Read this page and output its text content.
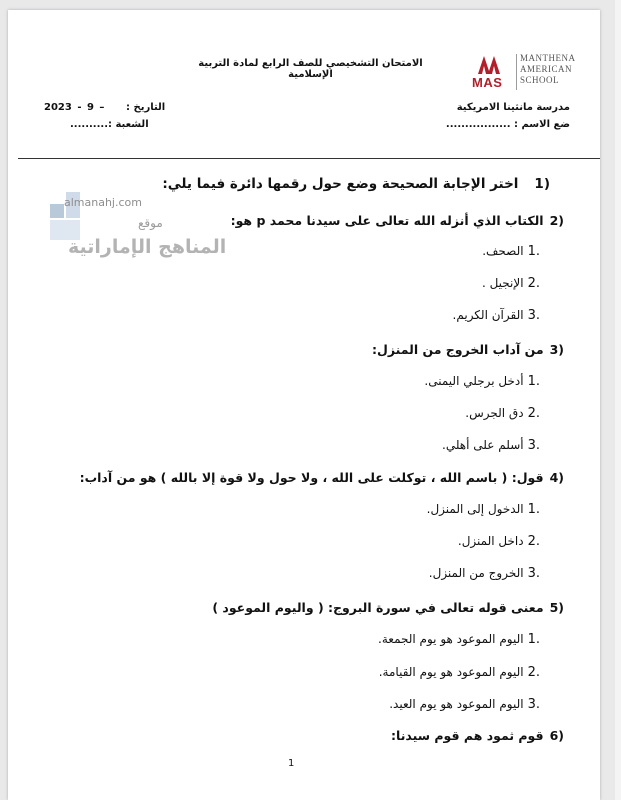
MAS
MANTHENA
AMERICAN
SCHOOL
الامتحان التشخيصي للصف الرابع لمادة التربية الإسلامية
التاريخ :
2023 - 9 –
الشعبة :..........
مدرسة مانثينا الامريكية
ضع الاسم : .................
almanahj.com
موقع
المناهج الإماراتية
(1اختر الإجابة الصحيحة وضع حول رقمها دائرة فيما يلي:
(2الكتاب الذي أنزله الله تعالى على سيدنا محمد p هو:
.1الصحف.
.2الإنجيل .
.3القرآن الكريم.
(3من آداب الخروج من المنزل:
.1أدخل برجلي اليمنى.
.2دق الجرس.
.3أسلم على أهلي.
(4قول: ( باسم الله ، توكلت على الله ، ولا حول ولا قوة إلا بالله ) هو من آداب:
.1الدخول إلى المنزل.
.2داخل المنزل.
.3الخروج من المنزل.
(5معنى قوله تعالى في سورة البروج: ( واليوم الموعود )
.1اليوم الموعود هو يوم الجمعة.
.2اليوم الموعود هو يوم القيامة.
.3اليوم الموعود هو يوم العيد.
(6قوم ثمود هم قوم سيدنا:
1
